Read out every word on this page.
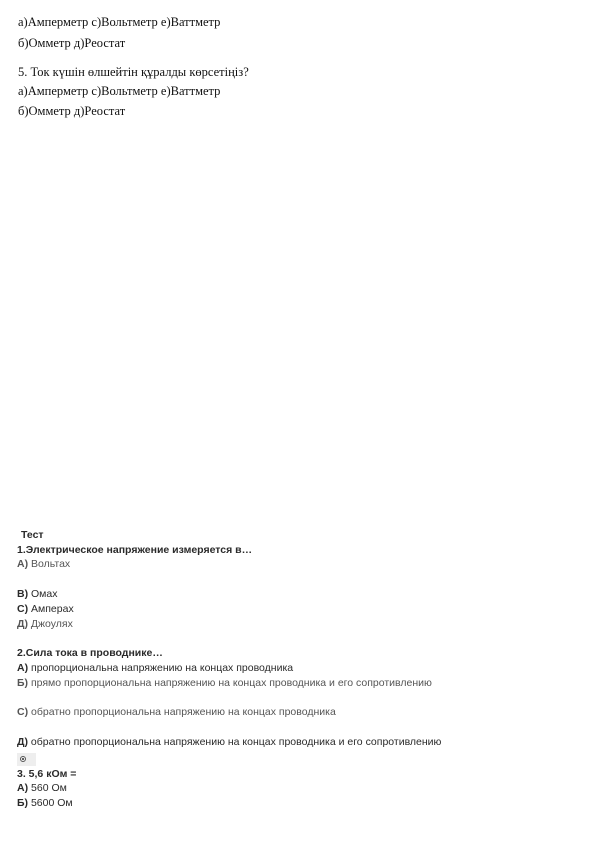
а)Амперметр с)Вольтметр е)Ваттметр
б)Омметр д)Реостат
5. Ток күшін өлшейтін құралды көрсетіңіз?
а)Амперметр с)Вольтметр е)Ваттметр
б)Омметр д)Реостат
Тест
1.Электрическое напряжение измеряется в…
А) Вольтах
В) Омах
С) Амперах
Д) Джоулях
2.Сила тока в проводнике…
А) пропорциональна напряжению на концах проводника
Б) прямо пропорциональна напряжению на концах проводника и его сопротивлению
С) обратно пропорциональна напряжению на концах проводника
Д) обратно пропорциональна напряжению на концах проводника и его сопротивлению
3. 5,6 кОм =
А) 560 Ом
Б) 5600 Ом
